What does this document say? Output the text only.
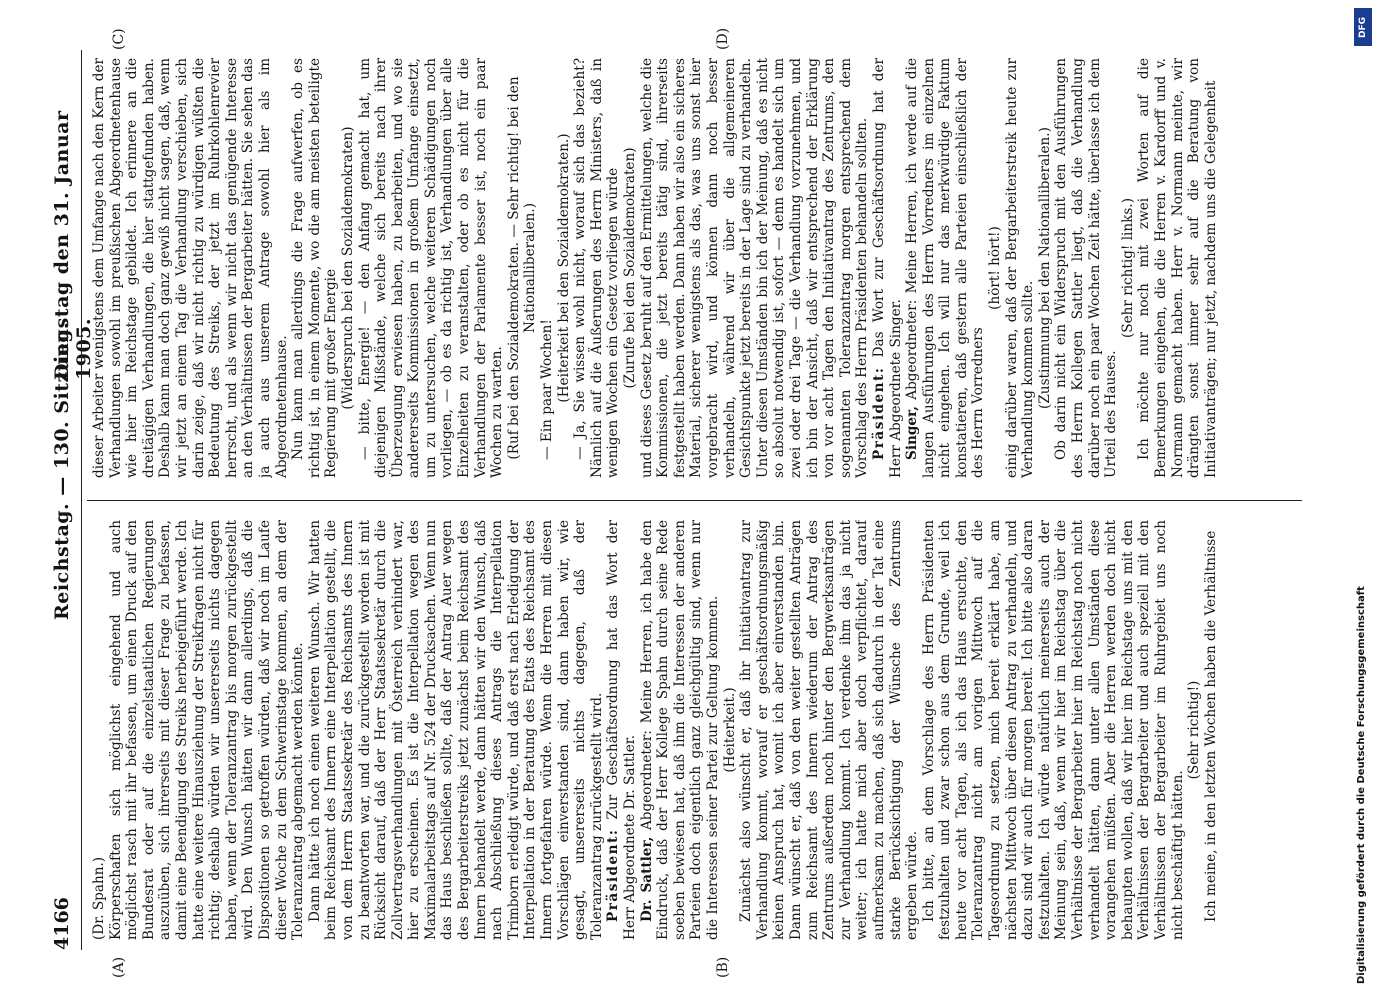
4166
Reichstag. — 130. Sitzung.
Dienstag den 31. Januar 1905.
(A)	(B)
(C)	(D)

(Dr. Spahn.) Körperschaften sich möglichst eingehend und auch möglichst rasch mit ihr befassen, um einen Druck auf den Bundesrat oder auf die einzelstaatlichen Regierungen auszuüben, sich ihrerseits mit dieser Frage zu befassen, damit eine Beendigung des Streiks herbeigeführt werde. Ich hatte eine weitere Hinausziehung der Streikfragen nicht für richtig; deshalb würden wir unsererseits nichts dagegen haben, wenn der Toleranzantrag bis morgen zurückgestellt wird. Den Wunsch hätten wir dann allerdings, daß die Dispositionen so getroffen würden, daß wir noch im Laufe dieser Woche zu dem Schwerinstage kommen, an dem der Toleranzantrag abgemacht werden könnte. Dann hätte ich noch einen weiteren Wunsch. Wir hatten beim Reichsamt des Innern eine Interpellation gestellt, die von dem Herrn Staatssekretär des Reichsamts des Innern zu beantworten war, und die zurückgestellt worden ist mit Rücksicht darauf, daß der Herr Staatssekretär durch die Zollvertragsverhandlungen mit Österreich verhindert war, hier zu erscheinen. Es ist die Interpellation wegen des Maximalarbeitstags auf Nr. 524 der Drucksachen. Wenn nun das Haus beschließen sollte, daß der Antrag Auer wegen des Bergarbeiterstreiks jetzt zunächst beim Reichsamt des Innern behandelt werde, dann hätten wir den Wunsch, daß nach Abschließung dieses Antrags die Interpellation Trimborn erledigt würde, und daß erst nach Erledigung der Interpellation in der Beratung des Etats des Reichsamt des Innern fortgefahren würde. Wenn die Herren mit diesen Vorschlägen einverstanden sind, dann haben wir, wie gesagt, unsererseits nichts dagegen, daß der Toleranzantrag zurückgestellt wird. Präsident: Zur Geschäftsordnung hat das Wort der Herr Abgeordnete Dr. Sattler. Dr. Sattler, Abgeordneter: Meine Herren, ich habe den Eindruck, daß der Herr Kollege Spahn durch seine Rede soeben bewiesen hat, daß ihm die Interessen der anderen Parteien doch eigentlich ganz gleichgültig sind, wenn nur die Interessen seiner Partei zur Geltung kommen. (Heiterkeit.) Zunächst also wünscht er, daß ihr Initiativantrag zur Verhandlung kommt, worauf er geschäftsordnungsmäßig keinen Anspruch hat, womit ich aber einverstanden bin. Dann wünscht er, daß von den weiter gestellten Anträgen zum Reichsamt des Innern wiederum der Antrag des Zentrums außerdem noch hinter den Bergwerksanträgen zur Verhandlung kommt. Ich verdenke ihm das ja nicht weiter; ich hatte mich aber doch verpflichtet, darauf aufmerksam zu machen, daß sich dadurch in der Tat eine starke Berücksichtigung der Wünsche des Zentrums ergeben würde. Ich bitte, an dem Vorschlage des Herrn Präsidenten festzuhalten und zwar schon aus dem Grunde, weil ich heute vor acht Tagen, als ich das Haus ersuchte, den Toleranzantrag nicht am vorigen Mittwoch auf die Tagesordnung zu setzen, mich bereit erklärt habe, am nächsten Mittwoch über diesen Antrag zu verhandeln, und dazu sind wir auch für morgen bereit. Ich bitte also daran festzuhalten. Ich würde natürlich meinerseits auch der Meinung sein, daß, wenn wir hier im Reichstag über die Verhältnisse der Bergarbeiter hier im Reichstag noch nicht verhandelt hätten, dann unter allen Umständen diese vorangehen müßten. Aber die Herren werden doch nicht behaupten wollen, daß wir hier im Reichstage uns mit den Verhältnissen der Bergarbeiter und auch speziell mit den Verhältnissen der Bergarbeiter im Ruhrgebiet uns noch nicht beschäftigt hätten.

(Sehr richtig!) Ich meine, in den letzten Wochen haben die Verhältnisse

dieser Arbeiter wenigstens dem Umfange nach den Kern der Verhandlungen sowohl im preußischen Abgeordnetenhause wie hier im Reichstage gebildet. Ich erinnere an die dreitägigen Verhandlungen, die hier stattgefunden haben. Deshalb kann man doch ganz gewiß nicht sagen, daß, wenn wir jetzt an einem Tag die Verhandlung verschieben, sich darin zeige, daß wir nicht richtig zu würdigen wüßten die Bedeutung des Streiks, der jetzt im Ruhrkohlenrevier herrscht, und als wenn wir nicht das genügende Interesse an den Verhältnissen der Bergarbeiter hätten. Sie sehen das ja auch aus unserem Antrage sowohl hier als im Abgeordnetenhause. Nun kann man allerdings die Frage aufwerfen, ob es richtig ist, in einem Momente, wo die am meisten beteiligte Regierung mit großer Energie (Widerspruch bei den Sozialdemokraten) — bitte, Energie! — den Anfang gemacht hat, um diejenigen Mißstände, welche sich bereits nach ihrer Überzeugung erwiesen haben, zu bearbeiten, und wo sie andererseits Kommissionen in großem Umfange einsetzt, um zu untersuchen, welche weiteren Schädigungen noch vorliegen, — ob es da richtig ist, Verhandlungen über alle Einzelheiten zu veranstalten, oder ob es nicht für die Verhandlungen der Parlamente besser ist, noch ein paar Wochen zu warten. (Ruf bei den Sozialdemokraten. — Sehr richtig! bei den Nationalliberalen.)

— Ein paar Wochen! (Heiterkeit bei den Sozialdemokraten.) — Ja, Sie wissen wohl nicht, worauf sich das bezieht? Nämlich auf die Äußerungen des Herrn Ministers, daß in wenigen Wochen ein Gesetz vorliegen würde (Zurufe bei den Sozialdemokraten) und dieses Gesetz beruht auf den Ermittelungen, welche die Kommissionen, die jetzt bereits tätig sind, ihrerseits festgestellt haben werden. Dann haben wir also ein sicheres Material, sicherer wenigstens als das, was uns sonst hier vorgebracht wird, und können dann noch besser verhandeln, während wir über die allgemeineren Gesichtspunkte jetzt bereits in der Lage sind zu verhandeln. Unter diesen Umständen bin ich der Meinung, daß es nicht so absolut notwendig ist, sofort — denn es handelt sich um zwei oder drei Tage — die Verhandlung vorzunehmen, und ich bin der Ansicht, daß wir entsprechend der Erklärung von vor acht Tagen den Initiativantrag des Zentrums, den sogenannten Toleranzantrag morgen entsprechend dem Vorschlag des Herrn Präsidenten behandeln sollten. Präsident: Das Wort zur Geschäftsordnung hat der Herr Abgeordnete Singer. Singer, Abgeordneter: Meine Herren, ich werde auf die langen Ausführungen des Herrn Vorredners im einzelnen nicht eingehen. Ich will nur das merkwürdige Faktum konstatieren, daß gestern alle Parteien einschließlich der des Herrn Vorredners

(hört! hört!) einig darüber waren, daß der Bergarbeiterstreik heute zur Verhandlung kommen sollte. (Zustimmung bei den Nationalliberalen.) Ob darin nicht ein Widerspruch mit den Ausführungen des Herrn Kollegen Sattler liegt, daß die Verhandlung darüber noch ein paar Wochen Zeit hätte, überlasse ich dem Urteil des Hauses.

(Sehr richtig! links.) Ich möchte nur noch mit zwei Worten auf die Bemerkungen eingehen, die die Herren v. Kardorff und v. Normann gemacht haben. Herr v. Normann meinte, wir drängten sonst immer sehr auf die Beratung von Initiativanträgen; nur jetzt, nachdem uns die Gelegenheit

DFG
Digitalisierung gefördert durch die Deutsche Forschungsgemeinschaft
